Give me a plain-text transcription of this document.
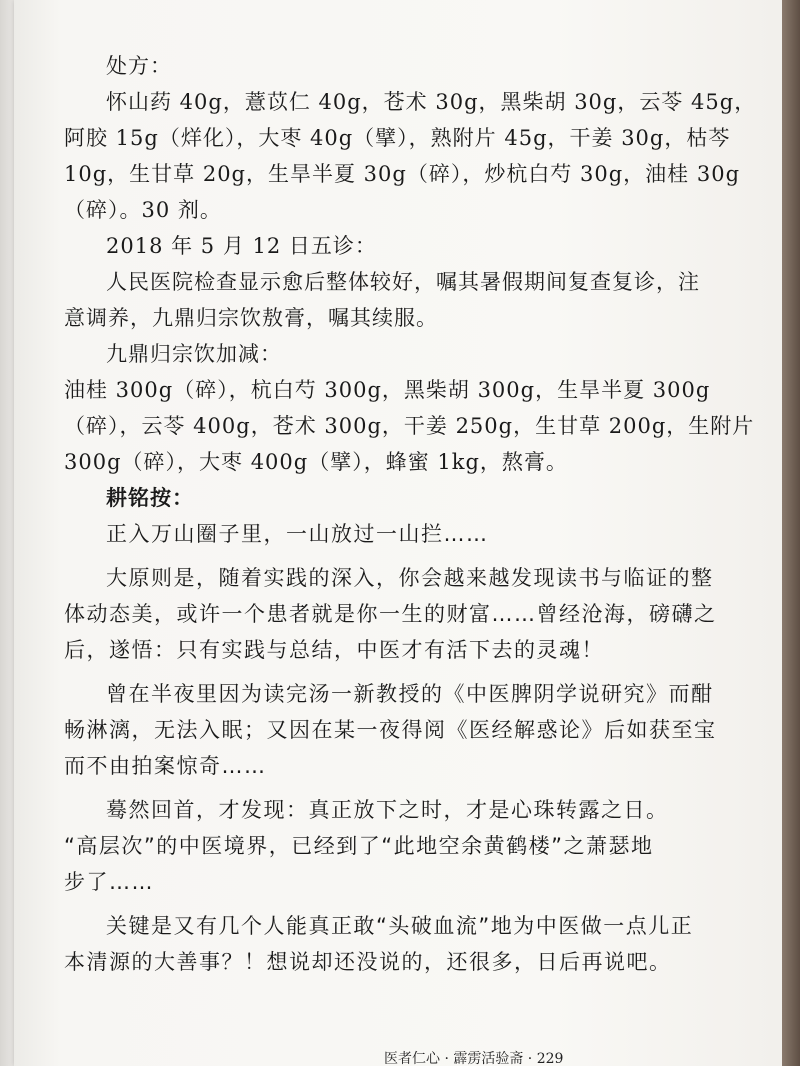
处方：
怀山药 40g，薏苡仁 40g，苍术 30g，黑柴胡 30g，云苓 45g，
阿胶 15g（烊化），大枣 40g（擘），熟附片 45g，干姜 30g，枯芩
10g，生甘草 20g，生旱半夏 30g（碎），炒杭白芍 30g，油桂 30g
（碎）。30 剂。
2018 年 5 月 12 日五诊：
人民医院检查显示愈后整体较好，嘱其暑假期间复查复诊，注
意调养，九鼎归宗饮敖膏，嘱其续服。
九鼎归宗饮加减：
油桂 300g（碎），杭白芍 300g，黑柴胡 300g，生旱半夏 300g
（碎），云苓 400g，苍术 300g，干姜 250g，生甘草 200g，生附片
300g（碎），大枣 400g（擘），蜂蜜 1kg，熬膏。
耕铭按：
正入万山圈子里，一山放过一山拦……
大原则是，随着实践的深入，你会越来越发现读书与临证的整
体动态美，或许一个患者就是你一生的财富……曾经沧海，磅礴之
后，遂悟：只有实践与总结，中医才有活下去的灵魂！
曾在半夜里因为读完汤一新教授的《中医脾阴学说研究》而酣
畅淋漓，无法入眠；又因在某一夜得阅《医经解惑论》后如获至宝
而不由拍案惊奇……
蓦然回首，才发现：真正放下之时，才是心珠转露之日。
“高层次”的中医境界，已经到了“此地空余黄鹤楼”之萧瑟地
步了……
关键是又有几个人能真正敢“头破血流”地为中医做一点儿正
本清源的大善事？！想说却还没说的，还很多，日后再说吧。
医者仁心 · 霹雳活验斋 · 229
